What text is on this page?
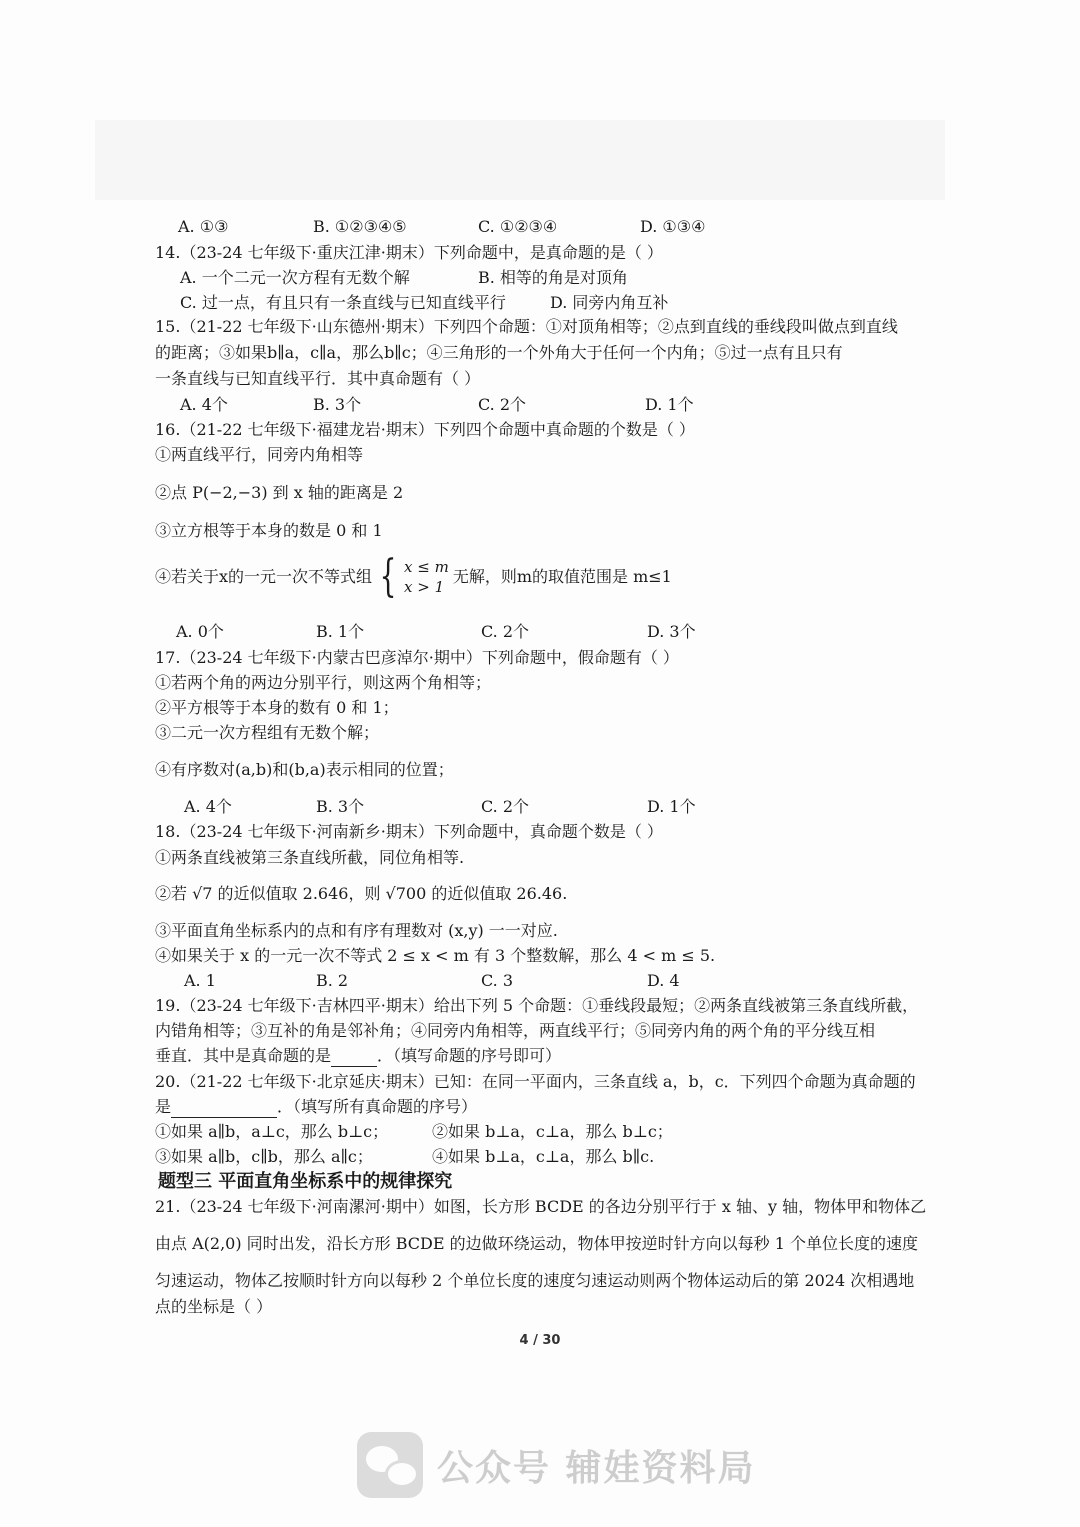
A. ①③	B. ①②③④⑤	C. ①②③④	D. ①③④
14.（23-24 七年级下·重庆江津·期末）下列命题中，是真命题的是（ ）
A. 一个二元一次方程有无数个解	B. 相等的角是对顶角
C. 过一点，有且只有一条直线与已知直线平行	D. 同旁内角互补
15.（21-22 七年级下·山东德州·期末）下列四个命题：①对顶角相等；②点到直线的垂线段叫做点到直线
的距离；③如果b∥a，c∥a，那么b∥c；④三角形的一个外角大于任何一个内角；⑤过一点有且只有
一条直线与已知直线平行．其中真命题有（ ）
A. 4个	B. 3个	C. 2个	D. 1个
16.（21-22 七年级下·福建龙岩·期末）下列四个命题中真命题的个数是（ ）
①两直线平行，同旁内角相等
②点 P(−2,−3) 到 x 轴的距离是 2
③立方根等于本身的数是 0 和 1
④若关于x的一元一次不等式组 { x ≤ m
x > 1
无解，则m的取值范围是 m≤1
A. 0个	B. 1个	C. 2个	D. 3个
17.（23-24 七年级下·内蒙古巴彦淖尔·期中）下列命题中，假命题有（ ）
①若两个角的两边分别平行，则这两个角相等；
②平方根等于本身的数有 0 和 1；
③二元一次方程组有无数个解；
④有序数对(a,b)和(b,a)表示相同的位置；
A. 4个	B. 3个	C. 2个	D. 1个
18.（23-24 七年级下·河南新乡·期末）下列命题中，真命题个数是（ ）
①两条直线被第三条直线所截，同位角相等.
②若 √7 的近似值取 2.646，则 √700 的近似值取 26.46.
③平面直角坐标系内的点和有序有理数对 (x,y) 一一对应.
④如果关于 x 的一元一次不等式 2 ≤ x < m 有 3 个整数解，那么 4 < m ≤ 5.
A. 1	B. 2	C. 3	D. 4
19.（23-24 七年级下·吉林四平·期末）给出下列 5 个命题：①垂线段最短；②两条直线被第三条直线所截，
内错角相等；③互补的角是邻补角；④同旁内角相等，两直线平行；⑤同旁内角的两个角的平分线互相
垂直．其中是真命题的是	．（填写命题的序号即可）
20.（21-22 七年级下·北京延庆·期末）已知：在同一平面内，三条直线 a，b，c．下列四个命题为真命题的
是	．（填写所有真命题的序号）
①如果 a∥b，a⊥c，那么 b⊥c；	②如果 b⊥a，c⊥a，那么 b⊥c；
③如果 a∥b，c∥b，那么 a∥c；	④如果 b⊥a，c⊥a，那么 b∥c.
题型三 平面直角坐标系中的规律探究
21.（23-24 七年级下·河南漯河·期中）如图，长方形 BCDE 的各边分别平行于 x 轴、y 轴，物体甲和物体乙
由点 A(2,0) 同时出发，沿长方形 BCDE 的边做环绕运动，物体甲按逆时针方向以每秒 1 个单位长度的速度
匀速运动，物体乙按顺时针方向以每秒 2 个单位长度的速度匀速运动则两个物体运动后的第 2024 次相遇地
点的坐标是（ ）
4 / 30
公众号 辅娃资料局
